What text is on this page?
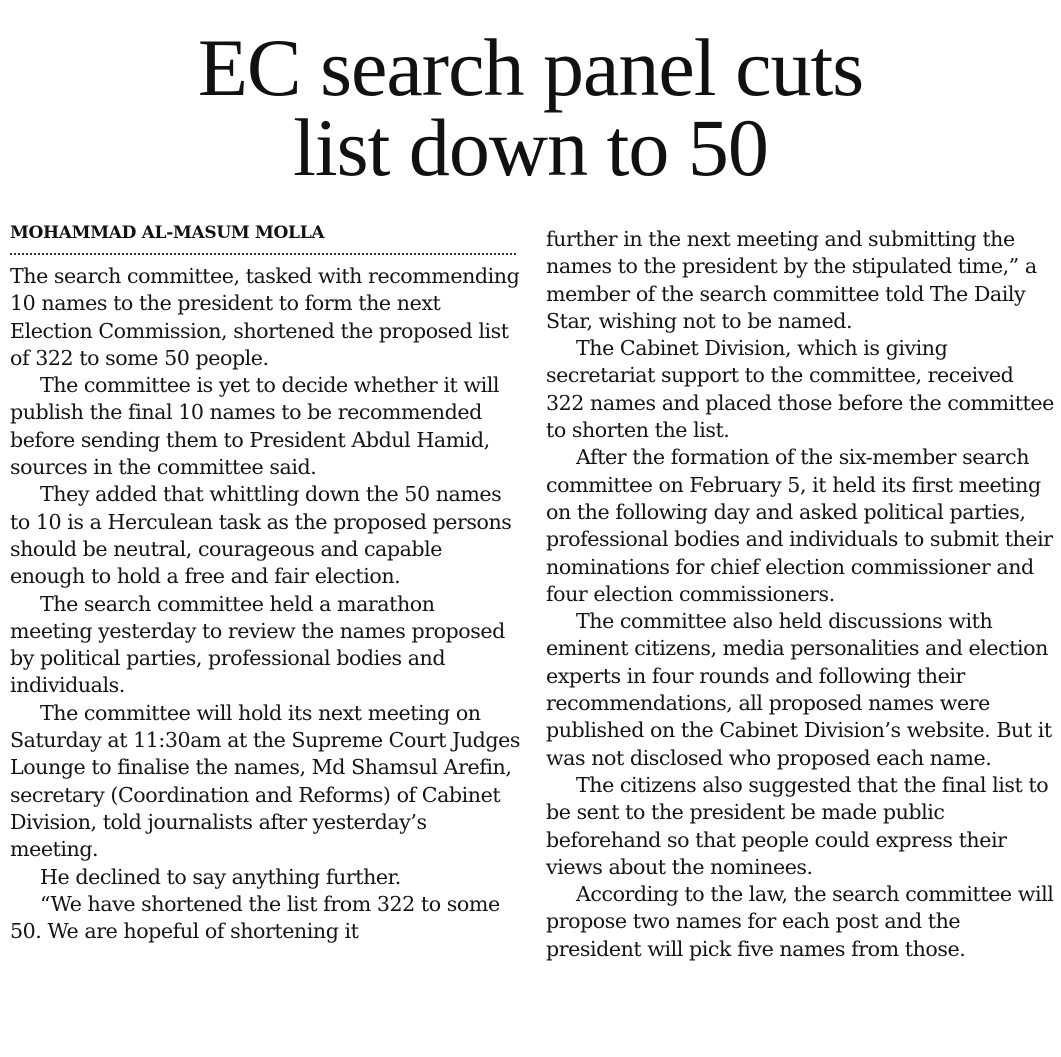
EC search panel cuts
list down to 50
MOHAMMAD AL-MASUM MOLLA

The search committee, tasked with recommending 10 names to the president to form the next Election Commission, shortened the proposed list of 322 to some 50 people.

The committee is yet to decide whether it will publish the final 10 names to be recommended before sending them to President Abdul Hamid, sources in the committee said.

They added that whittling down the 50 names to 10 is a Herculean task as the proposed persons should be neutral, courageous and capable enough to hold a free and fair election.

The search committee held a marathon meeting yesterday to review the names proposed by political parties, professional bodies and individuals.

The committee will hold its next meeting on Saturday at 11:30am at the Supreme Court Judges Lounge to finalise the names, Md Shamsul Arefin, secretary (Coordination and Reforms) of Cabinet Division, told journalists after yesterday’s meeting.

He declined to say anything further.

“We have shortened the list from 322 to some 50. We are hopeful of shortening it

further in the next meeting and submitting the names to the president by the stipulated time,” a member of the search committee told The Daily Star, wishing not to be named.

The Cabinet Division, which is giving secretariat support to the committee, received 322 names and placed those before the committee to shorten the list.

After the formation of the six-member search committee on February 5, it held its first meeting on the following day and asked political parties, professional bodies and individuals to submit their nominations for chief election commissioner and four election commissioners.

The committee also held discussions with eminent citizens, media personalities and election experts in four rounds and following their recommendations, all proposed names were published on the Cabinet Division’s website. But it was not disclosed who proposed each name.

The citizens also suggested that the final list to be sent to the president be made public beforehand so that people could express their views about the nominees.

According to the law, the search committee will propose two names for each post and the president will pick five names from those.
